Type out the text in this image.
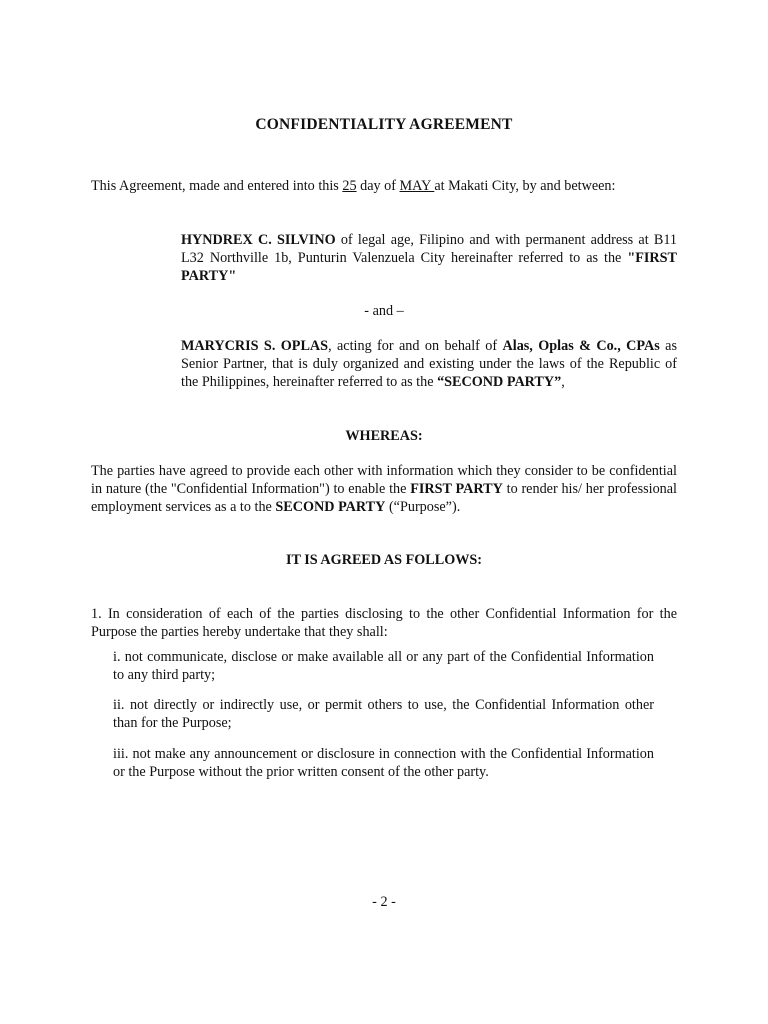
CONFIDENTIALITY AGREEMENT
This Agreement, made and entered into this 25 day of MAY at Makati City, by and between:
HYNDREX C. SILVINO of legal age, Filipino and with permanent address at B11 L32 Northville 1b, Punturin Valenzuela City hereinafter referred to as the "FIRST PARTY"
- and –
MARYCRIS S. OPLAS, acting for and on behalf of Alas, Oplas & Co., CPAs as Senior Partner, that is duly organized and existing under the laws of the Republic of the Philippines, hereinafter referred to as the “SECOND PARTY”,
WHEREAS:
The parties have agreed to provide each other with information which they consider to be confidential in nature (the "Confidential Information") to enable the FIRST PARTY to render his/ her professional employment services as a to the SECOND PARTY (“Purpose”).
IT IS AGREED AS FOLLOWS:
1. In consideration of each of the parties disclosing to the other Confidential Information for the Purpose the parties hereby undertake that they shall:
i. not communicate, disclose or make available all or any part of the Confidential Information to any third party;
ii. not directly or indirectly use, or permit others to use, the Confidential Information other than for the Purpose;
iii. not make any announcement or disclosure in connection with the Confidential Information or the Purpose without the prior written consent of the other party.
- 2 -
